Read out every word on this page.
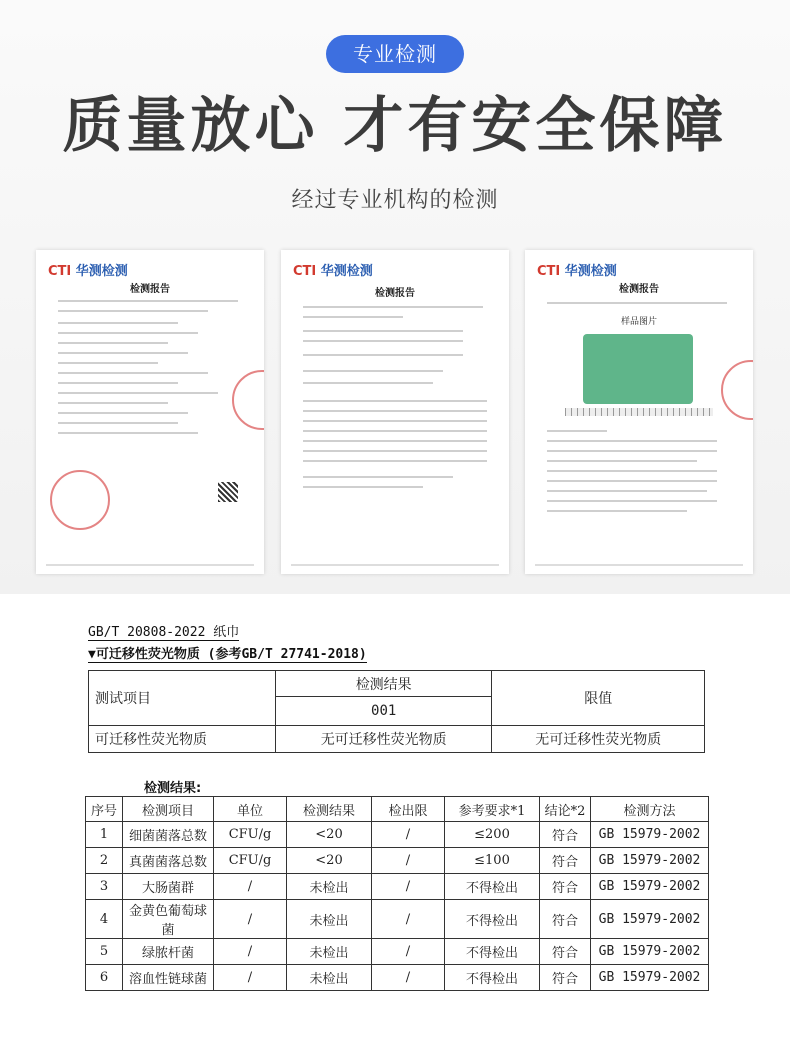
专业检测
质量放心 才有安全保障
经过专业机构的检测
CTI 华测检测
检测报告
CTI 华测检测
检测报告
CTI 华测检测
检测报告
样品图片
GB/T 20808-2022 纸巾
▼可迁移性荧光物质 (参考GB/T 27741-2018)
测试项目	检测结果	限值
	001	
可迁移性荧光物质	无可迁移性荧光物质	无可迁移性荧光物质
检测结果:
序号	检测项目	单位	检测结果	检出限	参考要求*1	结论*2	检测方法
1	细菌菌落总数	CFU/g	<20	/	≤200	符合	GB 15979-2002
2	真菌菌落总数	CFU/g	<20	/	≤100	符合	GB 15979-2002
3	大肠菌群	/	未检出	/	不得检出	符合	GB 15979-2002
4	金黄色葡萄球菌	/	未检出	/	不得检出	符合	GB 15979-2002
5	绿脓杆菌	/	未检出	/	不得检出	符合	GB 15979-2002
6	溶血性链球菌	/	未检出	/	不得检出	符合	GB 15979-2002
